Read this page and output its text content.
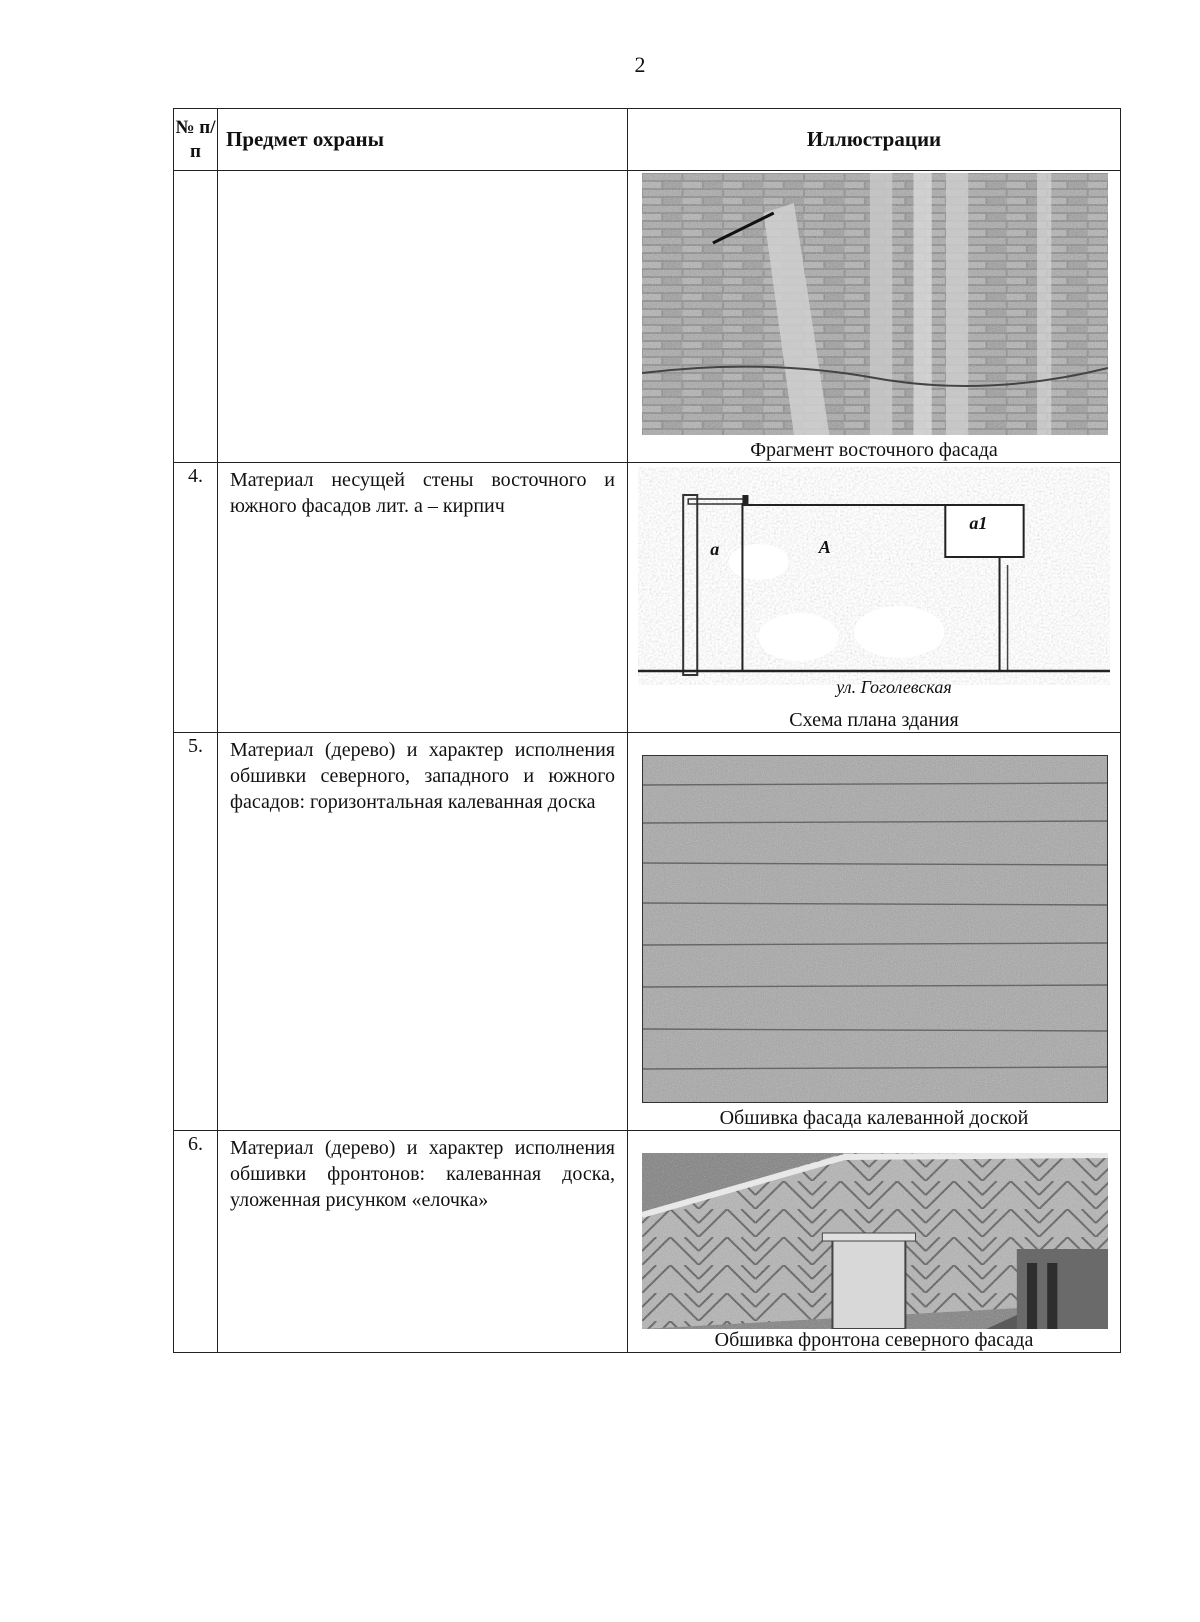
2
№ п/п	Предмет охраны	Иллюстрации

		Фрагмент восточного фасада

4.	Материал несущей стены восточного и южного фасадов лит. а – кирпич	а А
а1
ул. Гоголевская
Схема плана здания

5.	Материал (дерево) и характер исполнения обшивки северного, западного и южного фасадов: горизонтальная калеванная доска	Обшивка фасада калеванной доской

6.	Материал (дерево) и характер исполнения обшивки фронтонов: калеванная доска, уложенная рисунком «елочка»	Обшивка фронтона северного фасада
